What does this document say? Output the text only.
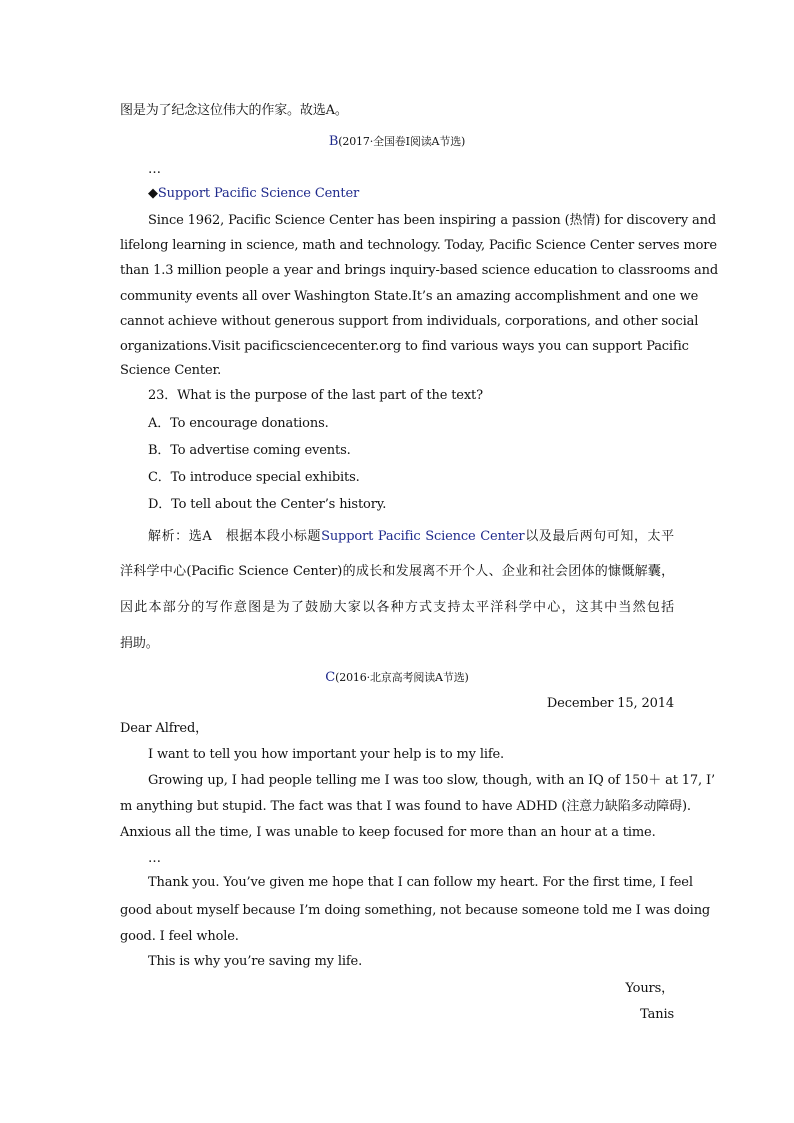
图是为了纪念这位伟大的作家。故选A。
B(2017·全国卷Ⅰ阅读A节选)
…
◆Support Pacific Science Center
Since 1962, Pacific Science Center has been inspiring a passion (热情) for discovery and
lifelong learning in science, math and technology. Today, Pacific Science Center serves more
than 1.3 million people a year and brings inquiry-based science education to classrooms and
community events all over Washington State.It’s an amazing accomplishment and one we
cannot achieve without generous support from individuals, corporations, and other social
organizations.Visit pacificsciencecenter.org to find various ways you can support Pacific
Science Center.
23．What is the purpose of the last part of the text?
A．To encourage donations.
B．To advertise coming events.
C．To introduce special exhibits.
D．To tell about the Center’s history.
解析：选A　根据本段小标题Support Pacific Science Center以及最后两句可知，太平
洋科学中心(Pacific Science Center)的成长和发展离不开个人、企业和社会团体的慷慨解囊，
因此本部分的写作意图是为了鼓励大家以各种方式支持太平洋科学中心，这其中当然包括
捐助。
C(2016·北京高考阅读A节选)
December 15, 2014
Dear Alfred，
I want to tell you how important your help is to my life.
Growing up, I had people telling me I was too slow, though, with an IQ of 150＋ at 17, I’
m anything but stupid. The fact was that I was found to have ADHD (注意力缺陷多动障碍).
Anxious all the time, I was unable to keep focused for more than an hour at a time.
…
Thank you. You’ve given me hope that I can follow my heart. For the first time, I feel
good about myself because I’m doing something, not because someone told me I was doing
good. I feel whole.
This is why you’re saving my life.
Yours，
Tanis
